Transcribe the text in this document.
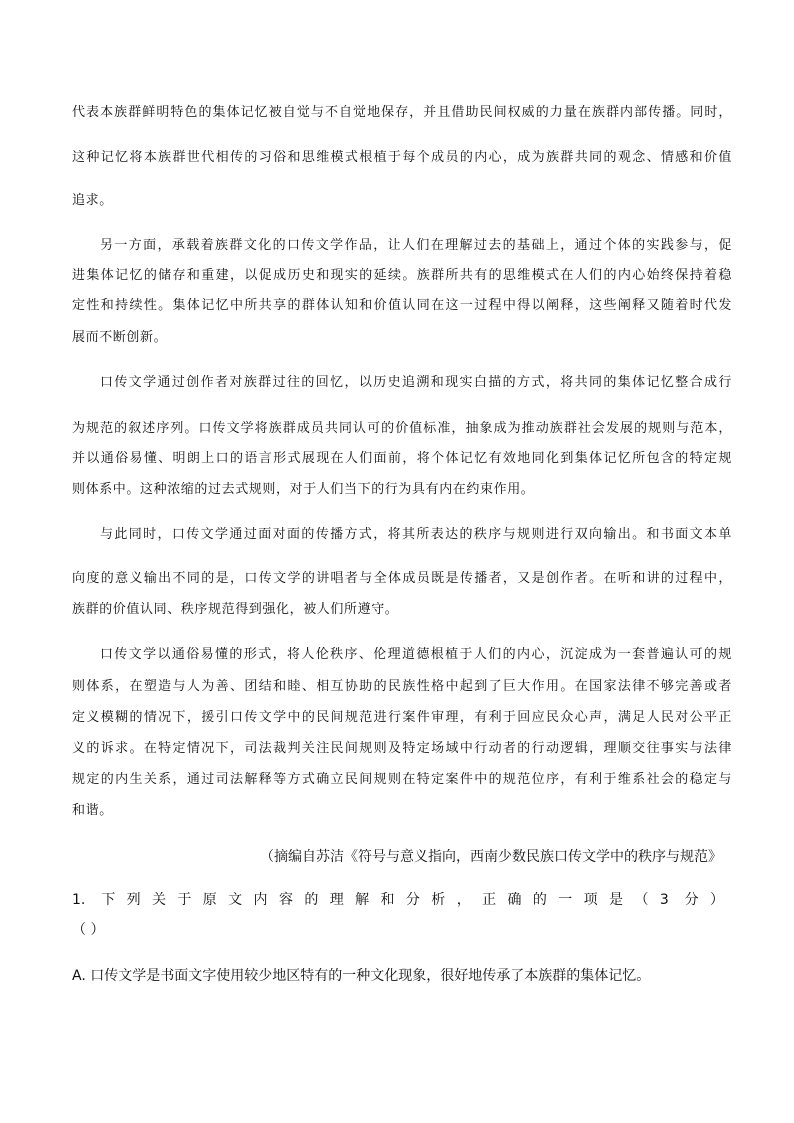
代表本族群鲜明特色的集体记忆被自觉与不自觉地保存，并且借助民间权威的力量在族群内部传播。同时，
这种记忆将本族群世代相传的习俗和思维模式根植于每个成员的内心，成为族群共同的观念、情感和价值
追求。
另一方面，承载着族群文化的口传文学作品，让人们在理解过去的基础上，通过个体的实践参与，促
进集体记忆的储存和重建，以促成历史和现实的延续。族群所共有的思维模式在人们的内心始终保持着稳
定性和持续性。集体记忆中所共享的群体认知和价值认同在这一过程中得以阐释，这些阐释又随着时代发
展而不断创新。
口传文学通过创作者对族群过往的回忆，以历史追溯和现实白描的方式，将共同的集体记忆整合成行
为规范的叙述序列。口传文学将族群成员共同认可的价值标准，抽象成为推动族群社会发展的规则与范本，
并以通俗易懂、明朗上口的语言形式展现在人们面前，将个体记忆有效地同化到集体记忆所包含的特定规
则体系中。这种浓缩的过去式规则，对于人们当下的行为具有内在约束作用。
与此同时，口传文学通过面对面的传播方式，将其所表达的秩序与规则进行双向输出。和书面文本单
向度的意义输出不同的是，口传文学的讲唱者与全体成员既是传播者，又是创作者。在听和讲的过程中，
族群的价值认同、秩序规范得到强化，被人们所遵守。
口传文学以通俗易懂的形式，将人伦秩序、伦理道德根植于人们的内心，沉淀成为一套普遍认可的规
则体系，在塑造与人为善、团结和睦、相互协助的民族性格中起到了巨大作用。在国家法律不够完善或者
定义模糊的情况下，援引口传文学中的民间规范进行案件审理，有利于回应民众心声，满足人民对公平正
义的诉求。在特定情况下，司法裁判关注民间规则及特定场域中行动者的行动逻辑，理顺交往事实与法律
规定的内生关系，通过司法解释等方式确立民间规则在特定案件中的规范位序，有利于维系社会的稳定与
和谐。
（摘编自苏洁《符号与意义指向，西南少数民族口传文学中的秩序与规范》
1. 下列关于原文内容的理解和分析，正确的一项是（3 分）
（ ）
A. 口传文学是书面文字使用较少地区特有的一种文化现象，很好地传承了本族群的集体记忆。
